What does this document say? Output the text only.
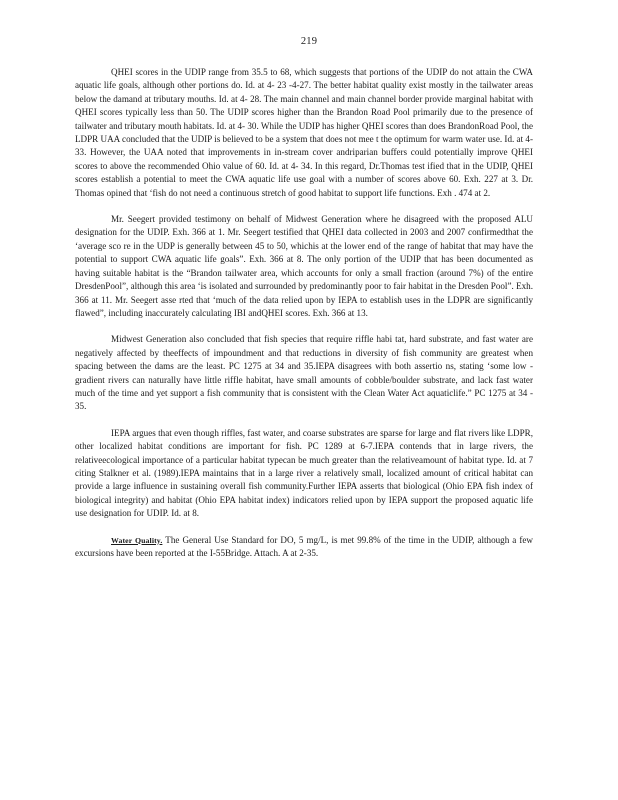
219

QHEI scores in the UDIP range from 35.5 to 68, which suggests that portions of the UDIP do not attain the CWA aquatic life goals, although other portions do. Id. at 4- 23 -4-27. The better habitat quality exist mostly in the tailwater areas below the damand at tributary mouths. Id. at 4- 28. The main channel and main channel border provide marginal habitat with QHEI scores typically less than 50. The UDIP scores higher than the Brandon Road Pool primarily due to the presence of tailwater and tributary mouth habitats. Id. at 4- 30. While the UDIP has higher QHEI scores than does BrandonRoad Pool, the LDPR UAA concluded that the UDIP is believed to be a system that does not mee t the optimum for warm water use. Id. at 4- 33. However, the UAA noted that improvements in in-stream cover andriparian buffers could potentially improve QHEI scores to above the recommended Ohio value of 60. Id. at 4- 34. In this regard, Dr.Thomas test ified that in the UDIP, QHEI scores establish a potential to meet the CWA aquatic life use goal with a number of scores above 60. Exh. 227 at 3. Dr. Thomas opined that ‘fish do not need a continuous stretch of good habitat to support life functions. Exh . 474 at 2.

Mr. Seegert provided testimony on behalf of Midwest Generation where he disagreed with the proposed ALU designation for the UDIP. Exh. 366 at 1. Mr. Seegert testified that QHEI data collected in 2003 and 2007 confirmedthat the ‘average sco re in the UDP is generally between 45 to 50, whichis at the lower end of the range of habitat that may have the potential to support CWA aquatic life goals”. Exh. 366 at 8. The only portion of the UDIP that has been documented as having suitable habitat is the “Brandon tailwater area, which accounts for only a small fraction (around 7%) of the entire DresdenPool”, although this area ‘is isolated and surrounded by predominantly poor to fair habitat in the Dresden Pool”. Exh. 366 at 11. Mr. Seegert asse rted that ‘much of the data relied upon by IEPA to establish uses in the LDPR are significantly flawed”, including inaccurately calculating IBI andQHEI scores. Exh. 366 at 13.

Midwest Generation also concluded that fish species that require riffle habi tat, hard substrate, and fast water are negatively affected by theeffects of impoundment and that reductions in diversity of fish community are greatest when spacing between the dams are the least. PC 1275 at 34 and 35.IEPA disagrees with both assertio ns, stating ‘some low -gradient rivers can naturally have little riffle habitat, have small amounts of cobble/boulder substrate, and lack fast water much of the time and yet support a fish community that is consistent with the Clean Water Act aquaticlife.” PC 1275 at 34 - 35.

IEPA argues that even though riffles, fast water, and coarse substrates are sparse for large and flat rivers like LDPR, other localized habitat conditions are important for fish. PC 1289 at 6-7.IEPA contends that in large rivers, the relativeecological importance of a particular habitat typecan be much greater than the relativeamount of habitat type. Id. at 7 citing Stalkner et al. (1989).IEPA maintains that in a large river a relatively small, localized amount of critical habitat can provide a large influence in sustaining overall fish community.Further IEPA asserts that biological (Ohio EPA fish index of biological integrity) and habitat (Ohio EPA habitat index) indicators relied upon by IEPA support the proposed aquatic life use designation for UDIP. Id. at 8.

Water Quality. The General Use Standard for DO, 5 mg/L, is met 99.8% of the time in the UDIP, although a few excursions have been reported at the I-55Bridge. Attach. A at 2-35.
